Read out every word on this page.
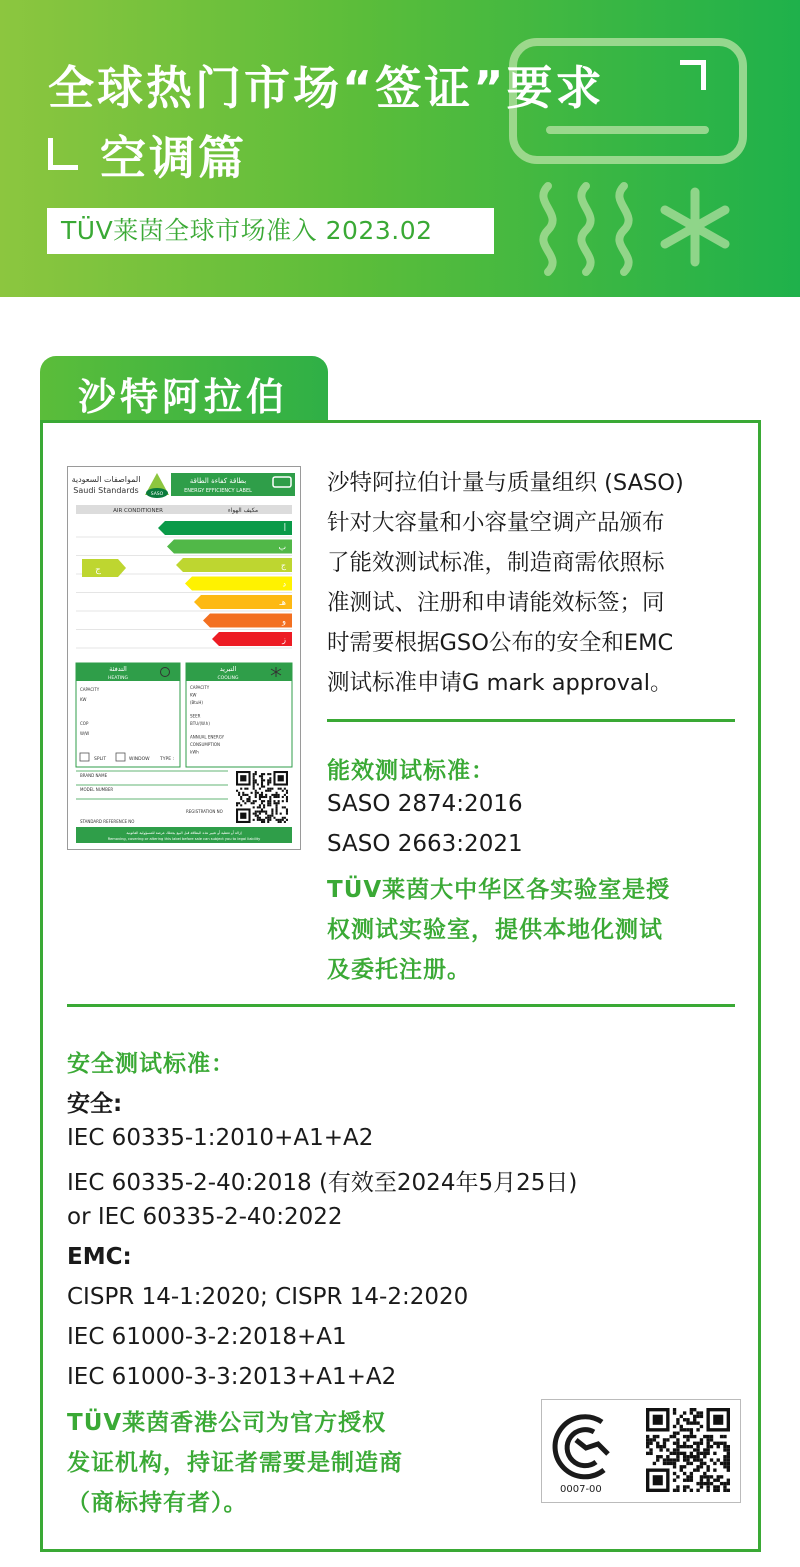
全球热门市场“签证”要求
空调篇
TÜV莱茵全球市场准入 2023.02
沙特阿拉伯
المواصفات السعودية
Saudi Standards	SASO
بطاقة كفاءة الطاقة
ENERGY EFFICIENCY LABEL
AIR CONDITIONER	مكيف الهواء
أ
ب
ج
د
هـ
و
ز
ج
التدفئة
HEATING
التبريد
COOLING
CAPACITY
KW
COP
W/W
CAPACITY
KW
(BtuH)
SEER
BTU/(W.h)
ANNUAL ENERGY
CONSUMPTION
kWh
SPLIT	WINDOW TYPE :
BRAND NAME
MODEL NUMBER
REGISTRATION NO
STANDARD REFERENCE NO
إزالة أو تغطية أو تغيير هذه البطاقة قبل البيع يجعلك عرضة للمسؤولية القانونية
Removing, covering or altering this label before sale can subject you to legal liability
沙特阿拉伯计量与质量组织 (SASO)
针对大容量和小容量空调产品颁布
了能效测试标准，制造商需依照标
准测试、注册和申请能效标签；同
时需要根据GSO公布的安全和EMC
测试标准申请G mark approval。
能效测试标准：
SASO 2874:2016
SASO 2663:2021
TÜV莱茵大中华区各实验室是授
权测试实验室，提供本地化测试
及委托注册。
安全测试标准：
安全:
IEC 60335-1:2010+A1+A2
IEC 60335-2-40:2018 (有效至2024年5月25日)
or IEC 60335-2-40:2022
EMC:
CISPR 14-1:2020; CISPR 14-2:2020
IEC 61000-3-2:2018+A1
IEC 61000-3-3:2013+A1+A2
TÜV莱茵香港公司为官方授权
发证机构，持证者需要是制造商
（商标持有者）。
0007-00
